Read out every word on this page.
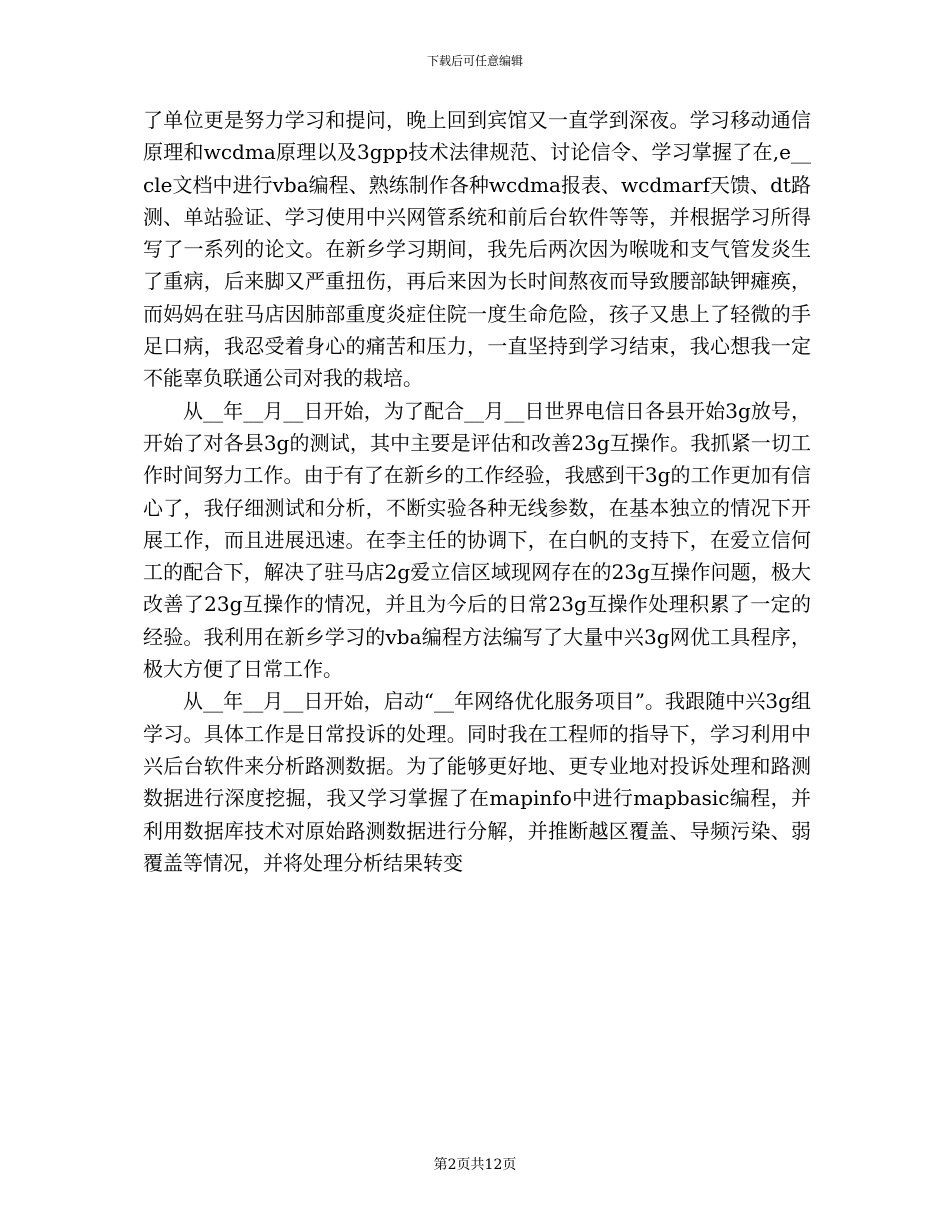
下载后可任意编辑

了单位更是努力学习和提问，晚上回到宾馆又一直学到深夜。学习移动通信原理和wcdma原理以及3gpp技术法律规范、讨论信令、学习掌握了在,e__cle文档中进行vba编程、熟练制作各种wcdma报表、wcdmarf天馈、dt路测、单站验证、学习使用中兴网管系统和前后台软件等等，并根据学习所得写了一系列的论文。在新乡学习期间，我先后两次因为喉咙和支气管发炎生了重病，后来脚又严重扭伤，再后来因为长时间熬夜而导致腰部缺钾瘫痪，而妈妈在驻马店因肺部重度炎症住院一度生命危险，孩子又患上了轻微的手足口病，我忍受着身心的痛苦和压力，一直坚持到学习结束，我心想我一定不能辜负联通公司对我的栽培。

从__年__月__日开始，为了配合__月__日世界电信日各县开始3g放号，开始了对各县3g的测试，其中主要是评估和改善23g互操作。我抓紧一切工作时间努力工作。由于有了在新乡的工作经验，我感到干3g的工作更加有信心了，我仔细测试和分析，不断实验各种无线参数，在基本独立的情况下开展工作，而且进展迅速。在李主任的协调下，在白帆的支持下，在爱立信何工的配合下，解决了驻马店2g爱立信区域现网存在的23g互操作问题，极大改善了23g互操作的情况，并且为今后的日常23g互操作处理积累了一定的经验。我利用在新乡学习的vba编程方法编写了大量中兴3g网优工具程序，极大方便了日常工作。

从__年__月__日开始，启动“__年网络优化服务项目”。我跟随中兴3g组学习。具体工作是日常投诉的处理。同时我在工程师的指导下，学习利用中兴后台软件来分析路测数据。为了能够更好地、更专业地对投诉处理和路测数据进行深度挖掘，我又学习掌握了在mapinfo中进行mapbasic编程，并利用数据库技术对原始路测数据进行分解，并推断越区覆盖、导频污染、弱覆盖等情况，并将处理分析结果转变

第2页共12页
